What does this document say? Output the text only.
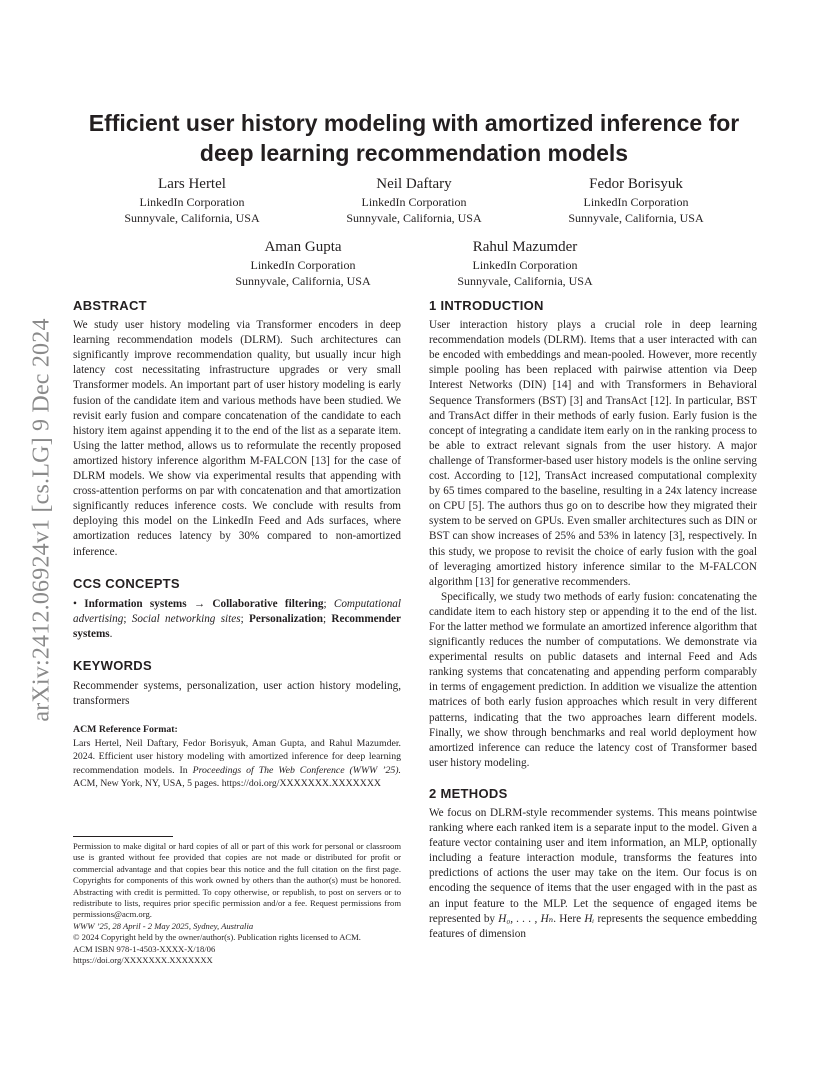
arXiv:2412.06924v1 [cs.LG] 9 Dec 2024
Efficient user history modeling with amortized inference for deep learning recommendation models
Lars Hertel
LinkedIn Corporation
Sunnyvale, California, USA
Neil Daftary
LinkedIn Corporation
Sunnyvale, California, USA
Fedor Borisyuk
LinkedIn Corporation
Sunnyvale, California, USA
Aman Gupta
LinkedIn Corporation
Sunnyvale, California, USA
Rahul Mazumder
LinkedIn Corporation
Sunnyvale, California, USA
ABSTRACT

We study user history modeling via Transformer encoders in deep learning recommendation models (DLRM). Such architectures can significantly improve recommendation quality, but usually incur high latency cost necessitating infrastructure upgrades or very small Transformer models. An important part of user history modeling is early fusion of the candidate item and various methods have been studied. We revisit early fusion and compare concatenation of the candidate to each history item against appending it to the end of the list as a separate item. Using the latter method, allows us to reformulate the recently proposed amortized history inference algorithm M-FALCON [13] for the case of DLRM models. We show via experimental results that appending with cross-attention performs on par with concatenation and that amortization significantly reduces inference costs. We conclude with results from deploying this model on the LinkedIn Feed and Ads surfaces, where amortization reduces latency by 30% compared to non-amortized inference.

CCS CONCEPTS

• Information systems → Collaborative filtering; Computational advertising; Social networking sites; Personalization; Recommender systems.

KEYWORDS

Recommender systems, personalization, user action history modeling, transformers

ACM Reference Format:

Lars Hertel, Neil Daftary, Fedor Borisyuk, Aman Gupta, and Rahul Mazumder. 2024. Efficient user history modeling with amortized inference for deep learning recommendation models. In Proceedings of The Web Conference (WWW ’25). ACM, New York, NY, USA, 5 pages. https://doi.org/XXXXXXX.XXXXXXX

Permission to make digital or hard copies of all or part of this work for personal or classroom use is granted without fee provided that copies are not made or distributed for profit or commercial advantage and that copies bear this notice and the full citation on the first page. Copyrights for components of this work owned by others than the author(s) must be honored. Abstracting with credit is permitted. To copy otherwise, or republish, to post on servers or to redistribute to lists, requires prior specific permission and/or a fee. Request permissions from permissions@acm.org.

WWW ’25, 28 April - 2 May 2025, Sydney, Australia

© 2024 Copyright held by the owner/author(s). Publication rights licensed to ACM.

ACM ISBN 978-1-4503-XXXX-X/18/06

https://doi.org/XXXXXXX.XXXXXXX

1 INTRODUCTION

User interaction history plays a crucial role in deep learning recommendation models (DLRM). Items that a user interacted with can be encoded with embeddings and mean-pooled. However, more recently simple pooling has been replaced with pairwise attention via Deep Interest Networks (DIN) [14] and with Transformers in Behavioral Sequence Transformers (BST) [3] and TransAct [12]. In particular, BST and TransAct differ in their methods of early fusion. Early fusion is the concept of integrating a candidate item early on in the ranking process to be able to extract relevant signals from the user history. A major challenge of Transformer-based user history models is the online serving cost. According to [12], TransAct increased computational complexity by 65 times compared to the baseline, resulting in a 24x latency increase on CPU [5]. The authors thus go on to describe how they migrated their system to be served on GPUs. Even smaller architectures such as DIN or BST can show increases of 25% and 53% in latency [3], respectively. In this study, we propose to revisit the choice of early fusion with the goal of leveraging amortized history inference similar to the M-FALCON algorithm [13] for generative recommenders.

Specifically, we study two methods of early fusion: concatenating the candidate item to each history step or appending it to the end of the list. For the latter method we formulate an amortized inference algorithm that significantly reduces the number of computations. We demonstrate via experimental results on public datasets and internal Feed and Ads ranking systems that concatenating and appending perform comparably in terms of engagement prediction. In addition we visualize the attention matrices of both early fusion approaches which result in very different patterns, indicating that the two approaches learn different models. Finally, we show through benchmarks and real world deployment how amortized inference can reduce the latency cost of Transformer based user history modeling.

2 METHODS

We focus on DLRM-style recommender systems. This means pointwise ranking where each ranked item is a separate input to the model. Given a feature vector containing user and item information, an MLP, optionally including a feature interaction module, transforms the features into predictions of actions the user may take on the item. Our focus is on encoding the sequence of items that the user engaged with in the past as an input feature to the MLP. Let the sequence of engaged items be represented by H₀, . . . , Hₙ. Here Hᵢ represents the sequence embedding features of dimension
